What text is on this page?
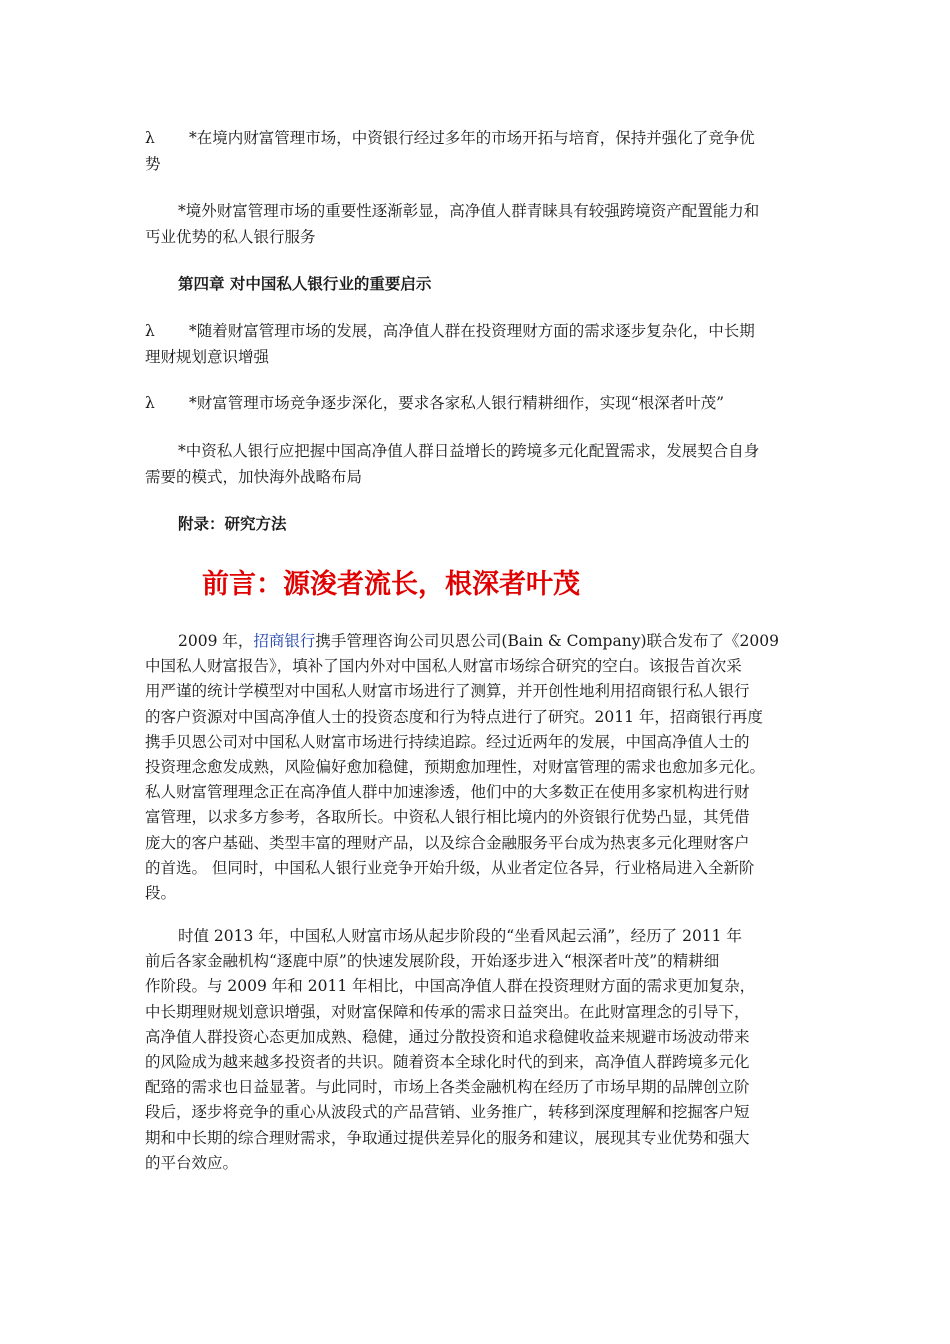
λ *在境内财富管理市场，中资银行经过多年的市场开拓与培育，保持并强化了竞争优
势
*境外财富管理市场的重要性逐渐彰显，高净值人群青睐具有较强跨境资产配置能力和
丐业优势的私人银行服务
第四章 对中国私人银行业的重要启示
λ *随着财富管理市场的发展，高净值人群在投资理财方面的需求逐步复杂化，中长期
理财规划意识增强
λ *财富管理市场竞争逐步深化，要求各家私人银行精耕细作，实现“根深者叶茂”
*中资私人银行应把握中国高净值人群日益增长的跨境多元化配置需求，发展契合自身
需要的模式，加快海外战略布局
附录：研究方法
前言：源浚者流长，根深者叶茂
2009 年，招商银行携手管理咨询公司贝恩公司(Bain & Company)联合发布了《2009
中国私人财富报告》，填补了国内外对中国私人财富市场综合研究的空白。该报告首次采
用严谨的统计学模型对中国私人财富市场进行了测算，并开创性地利用招商银行私人银行
的客户资源对中国高净值人士的投资态度和行为特点进行了研究。2011 年，招商银行再度
携手贝恩公司对中国私人财富市场进行持续追踪。经过近两年的发展，中国高净值人士的
投资理念愈发成熟，风险偏好愈加稳健，预期愈加理性，对财富管理的需求也愈加多元化。
私人财富管理理念正在高净值人群中加速渗透，他们中的大多数正在使用多家机构进行财
富管理，以求多方参考，各取所长。中资私人银行相比境内的外资银行优势凸显，其凭借
庞大的客户基础、类型丰富的理财产品，以及综合金融服务平台成为热衷多元化理财客户
的首选。 但同时，中国私人银行业竞争开始升级，从业者定位各异，行业格局进入全新阶
段。
时值 2013 年，中国私人财富市场从起步阶段的“坐看风起云涌”，经历了 2011 年
前后各家金融机构“逐鹿中原”的快速发展阶段，开始逐步进入“根深者叶茂”的精耕细
作阶段。与 2009 年和 2011 年相比，中国高净值人群在投资理财方面的需求更加复杂，
中长期理财规划意识增强，对财富保障和传承的需求日益突出。在此财富理念的引导下，
高净值人群投资心态更加成熟、稳健，通过分散投资和追求稳健收益来规避市场波动带来
的风险成为越来越多投资者的共识。随着资本全球化时代的到来，高净值人群跨境多元化
配臵的需求也日益显著。与此同时，市场上各类金融机构在经历了市场早期的品牌创立阶
段后，逐步将竞争的重心从波段式的产品营销、业务推广，转移到深度理解和挖掘客户短
期和中长期的综合理财需求，争取通过提供差异化的服务和建议，展现其专业优势和强大
的平台效应。
